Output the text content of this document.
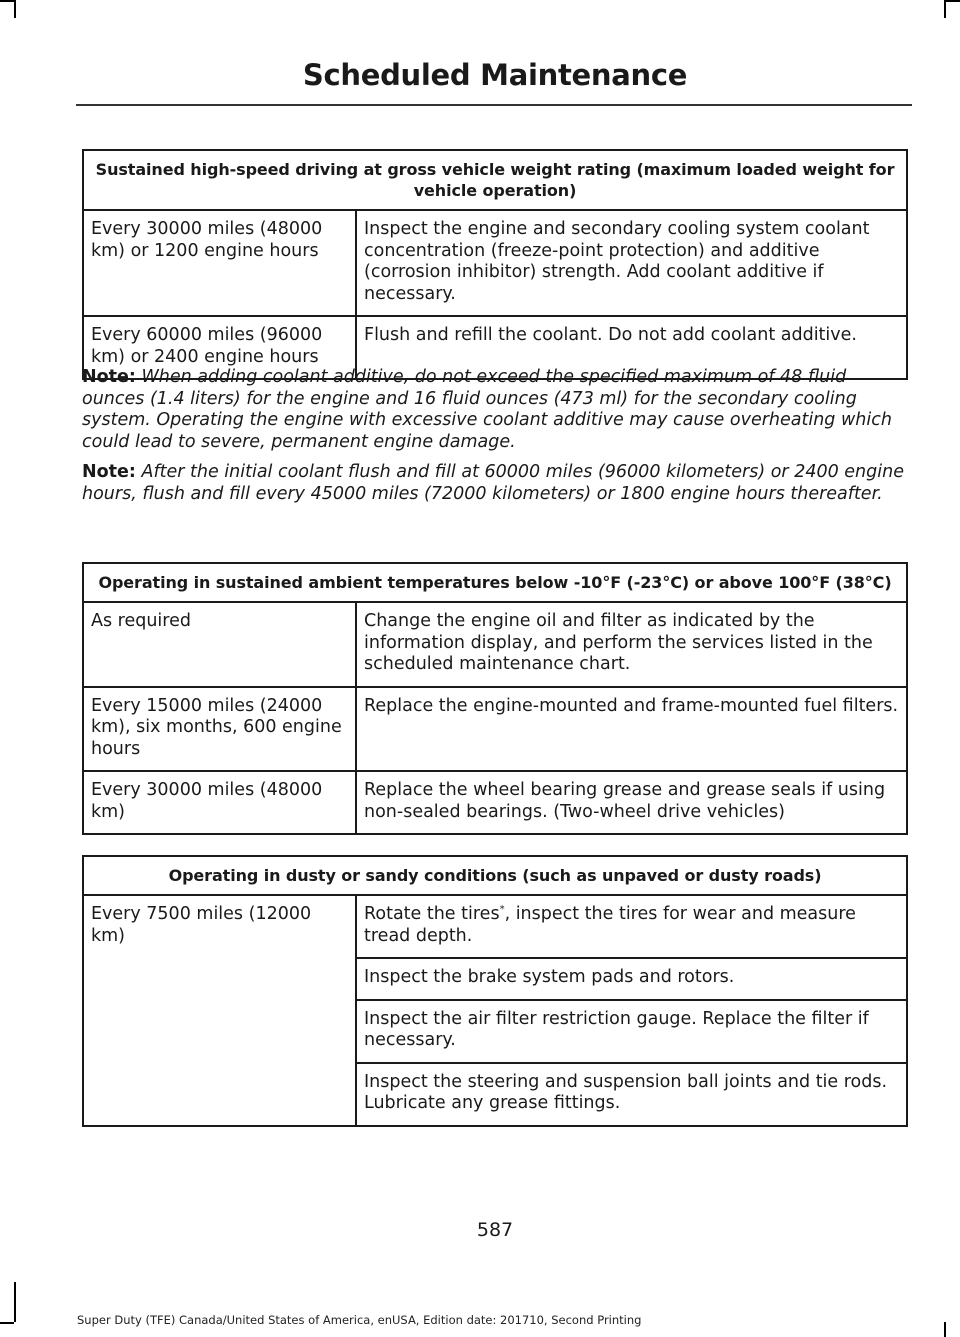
Scheduled Maintenance
Sustained high-speed driving at gross vehicle weight rating (maximum loaded weight for vehicle operation)	
Every 30000 miles (48000 km) or 1200 engine hours	Inspect the engine and secondary cooling system coolant concentration (freeze-point protection) and additive (corrosion inhibitor) strength. Add coolant additive if necessary.
Every 60000 miles (96000 km) or 2400 engine hours	Flush and refill the coolant. Do not add coolant additive.
Note: When adding coolant additive, do not exceed the specified maximum of 48 fluid ounces (1.4 liters) for the engine and 16 fluid ounces (473 ml) for the secondary cooling system. Operating the engine with excessive coolant additive may cause overheating which could lead to severe, permanent engine damage.
Note: After the initial coolant flush and fill at 60000 miles (96000 kilometers) or 2400 engine hours, flush and fill every 45000 miles (72000 kilometers) or 1800 engine hours thereafter.
Operating in sustained ambient temperatures below -10°F (-23°C) or above 100°F (38°C)	
As required	Change the engine oil and filter as indicated by the information display, and perform the services listed in the scheduled maintenance chart.
Every 15000 miles (24000 km), six months, 600 engine hours	Replace the engine-mounted and frame-mounted fuel filters.
Every 30000 miles (48000 km)	Replace the wheel bearing grease and grease seals if using non-sealed bearings. (Two-wheel drive vehicles)
Operating in dusty or sandy conditions (such as unpaved or dusty roads)
Every 7500 miles (12000 km)	Rotate the tires*, inspect the tires for wear and measure tread depth.
Inspect the brake system pads and rotors.
Inspect the air filter restriction gauge. Replace the filter if necessary.
Inspect the steering and suspension ball joints and tie rods. Lubricate any grease fittings.
587
Super Duty (TFE) Canada/United States of America, enUSA, Edition date: 201710, Second Printing
